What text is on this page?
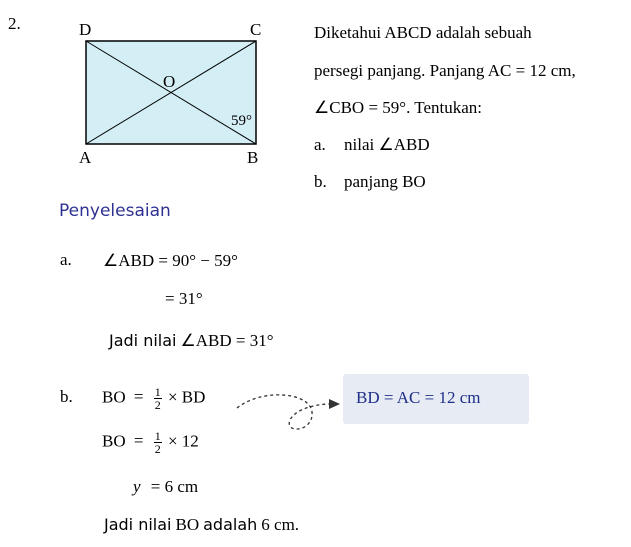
2.	D	C
A	B
O
59°
Diketahui ABCD adalah sebuah
persegi panjang. Panjang AC = 12 cm,
∠CBO = 59°. Tentukan:
a. nilai ∠ABD
b. panjang BO
Penyelesaian
a. ∠ABD = 90° − 59°
= 31°
Jadi nilai ∠ABD = 31°
b. BO = $\frac{1}{2}$ × BD
BO = $\frac{1}{2} \times 12$
y = 6 cm
BD = AC = 12 cm
Jadi nilai BO adalah 6 cm.
